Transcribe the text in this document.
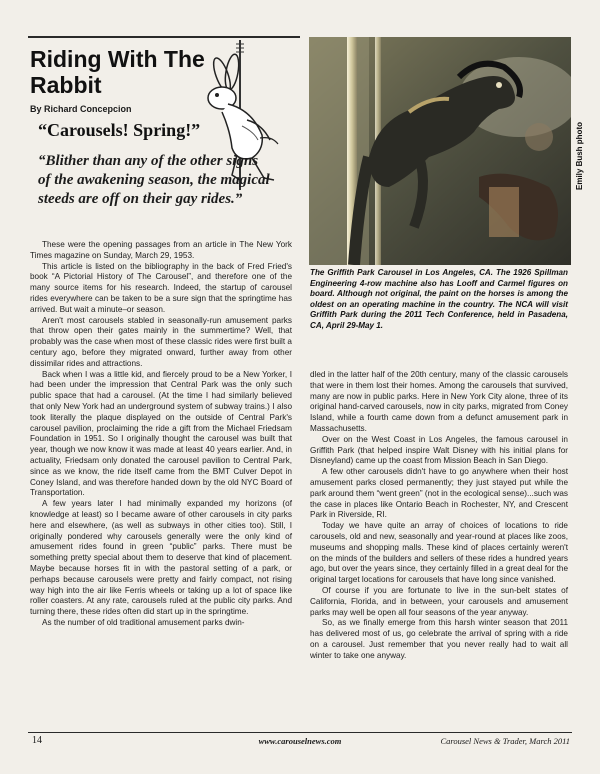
Riding With The Rabbit

By Richard Concepcion

“Carousels! Spring!”

“Blither than any of the other signs of the awakening season, the magical steeds are off on their gay rides.”

These were the opening passages from an article in The New York Times magazine on Sunday, March 29, 1953.

This article is listed on the bibliography in the back of Fred Fried's book “A Pictorial History of The Carousel”, and therefore one of the many source items for his research. Indeed, the startup of carousel rides everywhere can be taken to be a sure sign that the springtime has arrived. But wait a minute–or season.

Aren't most carousels stabled in seasonally-run amusement parks that throw open their gates mainly in the summertime? Well, that probably was the case when most of these classic rides were first built a century ago, before they migrated onward, further away from other dissimilar rides and attractions.

Back when I was a little kid, and fiercely proud to be a New Yorker, I had been under the impression that Central Park was the only such public space that had a carousel. (At the time I had similarly believed that only New York had an underground system of subway trains.) I also took literally the plaque displayed on the outside of Central Park's carousel pavilion, proclaiming the ride a gift from the Michael Friedsam Foundation in 1951. So I originally thought the carousel was built that year, though we now know it was made at least 40 years earlier. And, in actuality, Friedsam only donated the carousel pavilion to Central Park, since as we know, the ride itself came from the BMT Culver Depot in Coney Island, and was therefore handed down by the old NYC Board of Transportation.

A few years later I had minimally expanded my horizons (of knowledge at least) so I became aware of other carousels in city parks here and elsewhere, (as well as subways in other cities too). Still, I originally pondered why carousels generally were the only kind of amusement rides found in green “public” parks. There must be something pretty special about them to deserve that kind of placement. Maybe because horses fit in with the pastoral setting of a park, or perhaps because carousels were pretty and fairly compact, not rising way high into the air like Ferris wheels or taking up a lot of space like roller coasters. At any rate, carousels ruled at the public city parks. And turning there, these rides often did start up in the springtime.

As the number of old traditional amusement parks dwin-

Emily Bush photo

The Griffith Park Carousel in Los Angeles, CA. The 1926 Spillman Engineering 4-row machine also has Looff and Carmel figures on board. Although not original, the paint on the horses is among the oldest on an operating machine in the country. The NCA will visit Griffith Park during the 2011 Tech Conference, held in Pasadena, CA, April 29-May 1.

dled in the latter half of the 20th century, many of the classic carousels that were in them lost their homes. Among the carousels that survived, many are now in public parks. Here in New York City alone, three of its original hand-carved carousels, now in city parks, migrated from Coney Island, while a fourth came down from a defunct amusement park in Massachusetts.

Over on the West Coast in Los Angeles, the famous carousel in Griffith Park (that helped inspire Walt Disney with his initial plans for Disneyland) came up the coast from Mission Beach in San Diego.

A few other carousels didn't have to go anywhere when their host amusement parks closed permanently; they just stayed put while the park around them “went green” (not in the ecological sense)...such was the case in places like Ontario Beach in Rochester, NY, and Crescent Park in Riverside, RI.

Today we have quite an array of choices of locations to ride carousels, old and new, seasonally and year-round at places like zoos, museums and shopping malls. These kind of places certainly weren't on the minds of the builders and sellers of these rides a hundred years ago, but over the years since, they certainly filled in a great deal for the original target locations for carousels that have long since vanished.

Of course if you are fortunate to live in the sun-belt states of California, Florida, and in between, your carousels and amusement parks may well be open all four seasons of the year anyway.

So, as we finally emerge from this harsh winter season that 2011 has delivered most of us, go celebrate the arrival of spring with a ride on a carousel. Just remember that you never really had to wait all winter to take one anyway.

14	www.carouselnews.com	Carousel News & Trader, March 2011
